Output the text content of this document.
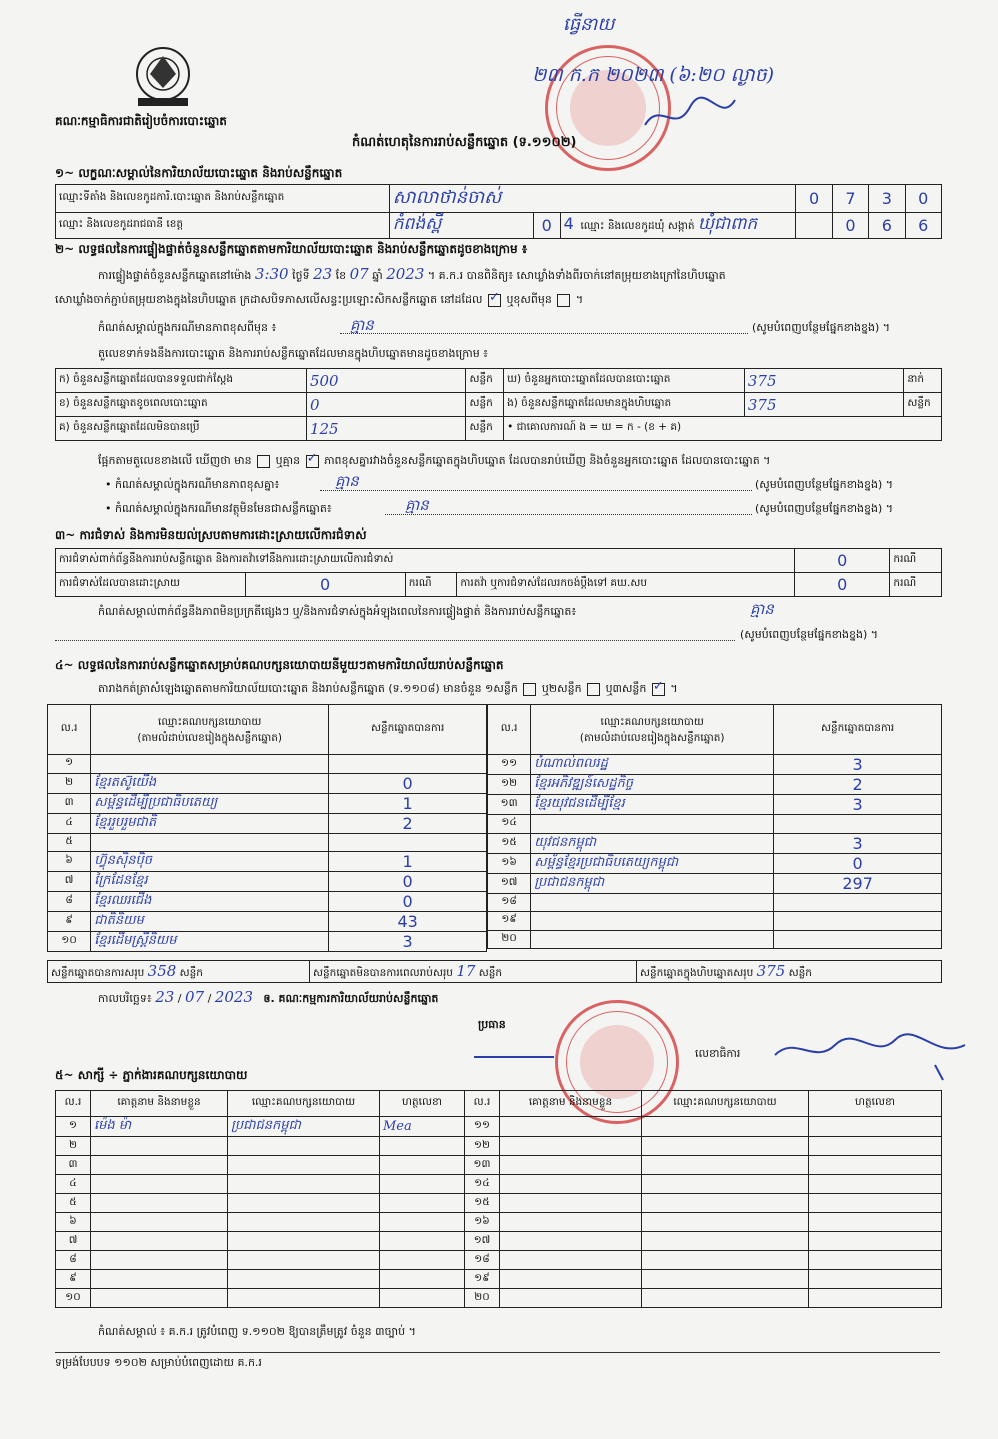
គណៈកម្មាធិការជាតិរៀបចំការបោះឆ្នោត
ធ្វើនាយ
២៣ ក.ក ២០២៣ (៦:២០ ល្ងាច)
កំណត់ហេតុនៃការរាប់សន្លឹកឆ្នោត (ទ.១១០២)
១~ លក្ខណៈសម្គាល់នៃការិយាល័យបោះឆ្នោត និងរាប់សន្លឹកឆ្នោត
ឈ្មោះទីតាំង និងលេខកូដការិ.បោះឆ្នោត និងរាប់សន្លឹកឆ្នោត	សាលាថាន់ចាស់			0	7	3	0
ឈ្មោះ និងលេខកូដរាជធានី ខេត្ត	កំពង់ស្ពឺ	0	4 ឈ្មោះ និងលេខកូដឃុំ សង្កាត់ ឃុំជាពាក		0	6	6
២~ លទ្ធផលនៃការផ្ទៀងផ្ទាត់ចំនួនសន្លឹកឆ្នោតតាមការិយាល័យបោះឆ្នោត និងរាប់សន្លឹកឆ្នោតដូចខាងក្រោម ៖
ការផ្ទៀងផ្ទាត់ចំនួនសន្លឹកឆ្នោតនៅម៉ោង 3:30 ថ្ងៃទី 23 ខែ 07 ឆ្នាំ 2023 ។ គ.ក.រ បានពិនិត្យ៖ សោឃ្លាំងទាំងពីរចាក់នៅតម្រុយខាងក្រៅនៃហិបឆ្នោត
សោឃ្លាំងចាក់ភ្ជាប់តម្រុយខាងក្នុងនៃហិបឆ្នោត ក្រដាសបិទភាសលើសន្ទះប្រឡោះសិកសន្លឹកឆ្នោត នៅដដែល ✓ ឬខុសពីមុន  ។
កំណត់សម្គាល់ក្នុងករណីមានភាពខុសពីមុន ៖	គ្មាន	(សូមបំពេញបន្ថែមផ្នែកខាងខ្នង) ។
តួលេខទាក់ទងនឹងការបោះឆ្នោត និងការរាប់សន្លឹកឆ្នោតដែលមានក្នុងហិបឆ្នោតមានដូចខាងក្រោម ៖
ក) ចំនួនសន្លឹកឆ្នោតដែលបានទទួលជាក់ស្តែង	500	សន្លឹក	ឃ) ចំនួនអ្នកបោះឆ្នោតដែលបានបោះឆ្នោត	375	នាក់
ខ) ចំនួនសន្លឹកឆ្នោតខូចពេលបោះឆ្នោត	0	សន្លឹក	ង) ចំនួនសន្លឹកឆ្នោតដែលមានក្នុងហិបឆ្នោត	375	សន្លឹក
គ) ចំនួនសន្លឹកឆ្នោតដែលមិនបានប្រើ	125	សន្លឹក	• ជាគោលការណ៍ ង = ឃ = ក - (ខ + គ)		
ផ្អែកតាមតួលេខខាងលើ ឃើញថា មាន ឬគ្មាន ✓ ភាពខុសគ្នារវាងចំនួនសន្លឹកឆ្នោតក្នុងហិបឆ្នោត ដែលបានរាប់ឃើញ និងចំនួនអ្នកបោះឆ្នោត ដែលបានបោះឆ្នោត ។
• កំណត់សម្គាល់ក្នុងករណីមានភាពខុសគ្នា៖	គ្មាន	(សូមបំពេញបន្ថែមផ្នែកខាងខ្នង) ។
• កំណត់សម្គាល់ក្នុងករណីមានវត្ថុមិនមែនជាសន្លឹកឆ្នោត៖	គ្មាន	(សូមបំពេញបន្ថែមផ្នែកខាងខ្នង) ។
៣~ ការជំទាស់ និងការមិនយល់ស្របតាមការដោះស្រាយលើការជំទាស់
ការជំទាស់ពាក់ព័ន្ធនឹងការរាប់សន្លឹកឆ្នោត និងការតវ៉ាទៅនឹងការដោះស្រាយលើការជំទាស់				0	ករណី
ការជំទាស់ដែលបានដោះស្រាយ	0	ករណី	ការតវ៉ា ឬការជំទាស់ដែលរកចង់ប្តឹងទៅ គឃ.សប	0	ករណី
កំណត់សម្គាល់ពាក់ព័ន្ធនឹងភាពមិនប្រក្រតីផ្សេងៗ ឬ/និងការជំទាស់ក្នុងអំឡុងពេលនៃការផ្ទៀងផ្ទាត់ និងការរាប់សន្លឹកឆ្នោត៖	គ្មាន
(សូមបំពេញបន្ថែមផ្នែកខាងខ្នង) ។
៤~ លទ្ធផលនៃការរាប់សន្លឹកឆ្នោតសម្រាប់គណបក្សនយោបាយនីមួយៗតាមការិយាល័យរាប់សន្លឹកឆ្នោត
តារាងកត់ត្រាសំឡេងឆ្នោតតាមការិយាល័យបោះឆ្នោត និងរាប់សន្លឹកឆ្នោត (ទ.១១០៨) មានចំនួន ១សន្លឹក ឬ២សន្លឹក ឬ៣សន្លឹក ✓ ។
ល.រ	ឈ្មោះគណបក្សនយោបាយ
(តាមលំដាប់លេខរៀងក្នុងសន្លឹកឆ្នោត)	សន្លឹកឆ្នោតបានការ
១		
២	ខ្មែរតស៊ូយើង	0
៣	សម្ព័ន្ធដើម្បីប្រជាធិបតេយ្យ	1
៤	ខ្មែររួបរួមជាតិ	2
៥		
៦	ហ៊្វុនស៊ិនប៉ិច	1
៧	ក្រៃដែនខ្មែរ	0
៨	ខ្មែរឈរជើង	0
៩	ជាតិនិយម	43
១០	ខ្មែរដើមស្ត្រីនិយម	3
ល.រ	ឈ្មោះគណបក្សនយោបាយ
(តាមលំដាប់លេខរៀងក្នុងសន្លឹកឆ្នោត)	សន្លឹកឆ្នោតបានការ
១១	បំណាល់ពលរដ្ឋ	3
១២	ខ្មែរអភិវឌ្ឍន៍សេដ្ឋកិច្ច	2
១៣	ខ្មែរយុវជនដើម្បីខ្មែរ	3
១៤		
១៥	យុវជនកម្ពុជា	3
១៦	សម្ព័ន្ធខ្មែរប្រជាធិបតេយ្យកម្ពុជា	0
១៧	ប្រជាជនកម្ពុជា	297
១៨		
១៩		
២០		
សន្លឹកឆ្នោតបានការសរុប 358 សន្លឹក	សន្លឹកឆ្នោតមិនបានការពេលរាប់សរុប 17 សន្លឹក	សន្លឹកឆ្នោតក្នុងហិបឆ្នោតសរុប 375 សន្លឹក
កាលបរិច្ឆេទ៖ 23 / 07 / 2023 ឲ. គណៈកម្មការការិយាល័យរាប់សន្លឹកឆ្នោត
ប្រធាន
លេខាធិការ
៥~ សាក្សី ÷ ភ្នាក់ងារគណបក្សនយោបាយ
ល.រ	គោត្តនាម និងនាមខ្លួន	ឈ្មោះគណបក្សនយោបាយ	ហត្ថលេខា	ល.រ	គោត្តនាម និងនាមខ្លួន	ឈ្មោះគណបក្សនយោបាយ	ហត្ថលេខា
១	ម៉េង ម៉ា	ប្រជាជនកម្ពុជា	Mea	១១			
២				១២			
៣				១៣			
៤				១៤			
៥				១៥			
៦				១៦			
៧				១៧			
៨				១៨			
៩				១៩			
១០				២០			
កំណត់សម្គាល់ ៖ គ.ក.រ ត្រូវបំពេញ ទ.១១០២ ឱ្យបានត្រឹមត្រូវ ចំនួន ៣ច្បាប់ ។
ទម្រង់បែបបទ ១១០២ សម្រាប់បំពេញដោយ គ.ក.រ
